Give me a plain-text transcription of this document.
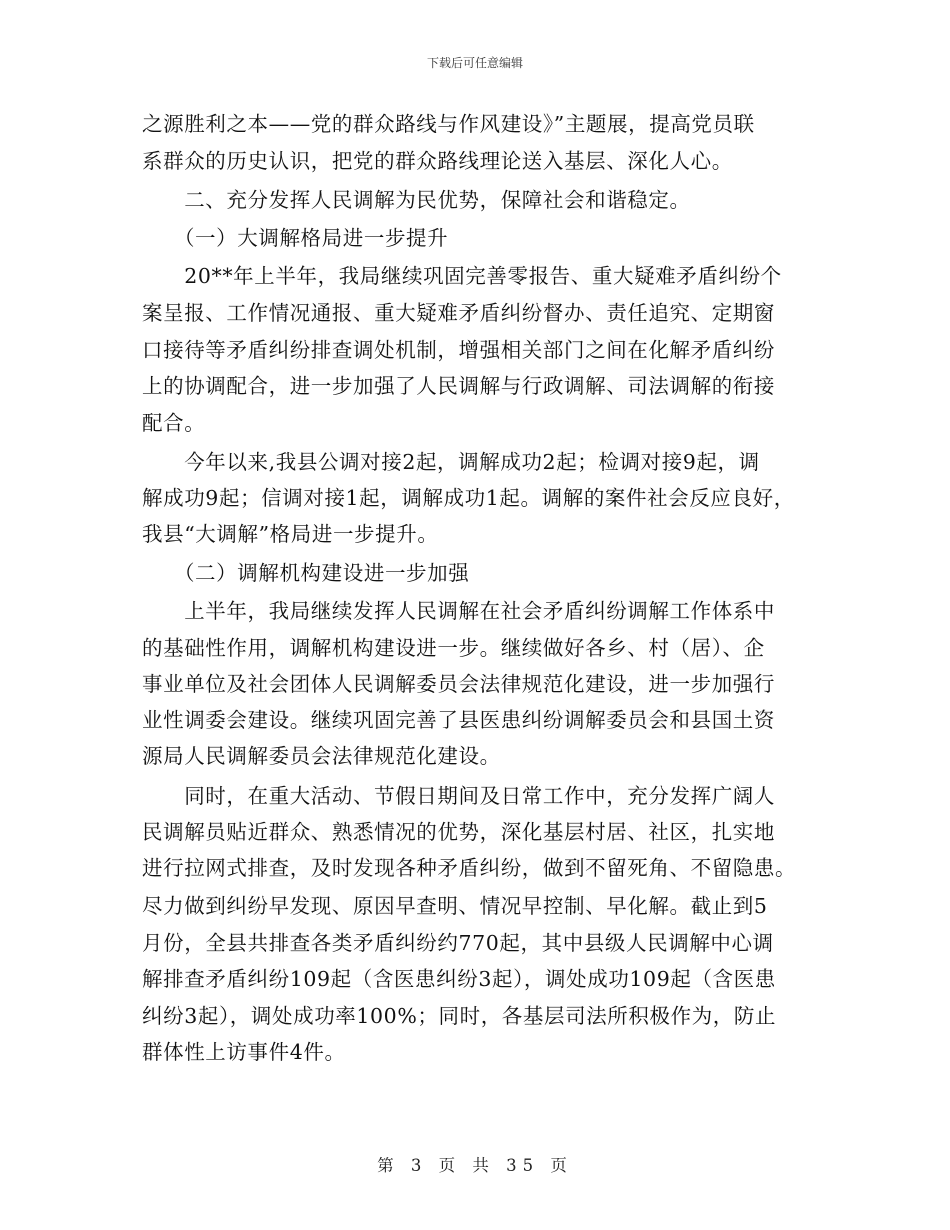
下载后可任意编辑
之源胜利之本——党的群众路线与作风建设》”主题展，提高党员联
系群众的历史认识，把党的群众路线理论送入基层、深化人心。
　　二、充分发挥人民调解为民优势，保障社会和谐稳定。
　　（一）大调解格局进一步提升
　　20**年上半年，我局继续巩固完善零报告、重大疑难矛盾纠纷个
案呈报、工作情况通报、重大疑难矛盾纠纷督办、责任追究、定期窗
口接待等矛盾纠纷排查调处机制，增强相关部门之间在化解矛盾纠纷
上的协调配合，进一步加强了人民调解与行政调解、司法调解的衔接
配合。
　　今年以来,我县公调对接2起，调解成功2起；检调对接9起，调
解成功9起；信调对接1起，调解成功1起。调解的案件社会反应良好，
我县“大调解”格局进一步提升。
　　（二）调解机构建设进一步加强
　　上半年，我局继续发挥人民调解在社会矛盾纠纷调解工作体系中
的基础性作用，调解机构建设进一步。继续做好各乡、村（居）、企
事业单位及社会团体人民调解委员会法律规范化建设，进一步加强行
业性调委会建设。继续巩固完善了县医患纠纷调解委员会和县国土资
源局人民调解委员会法律规范化建设。
　　同时，在重大活动、节假日期间及日常工作中，充分发挥广阔人
民调解员贴近群众、熟悉情况的优势，深化基层村居、社区，扎实地
进行拉网式排查，及时发现各种矛盾纠纷，做到不留死角、不留隐患。
尽力做到纠纷早发现、原因早查明、情况早控制、早化解。截止到5
月份，全县共排查各类矛盾纠纷约770起，其中县级人民调解中心调
解排查矛盾纠纷109起（含医患纠纷3起），调处成功109起（含医患
纠纷3起），调处成功率100%；同时，各基层司法所积极作为，防止
群体性上访事件4件。
第 3 页 共 35 页
